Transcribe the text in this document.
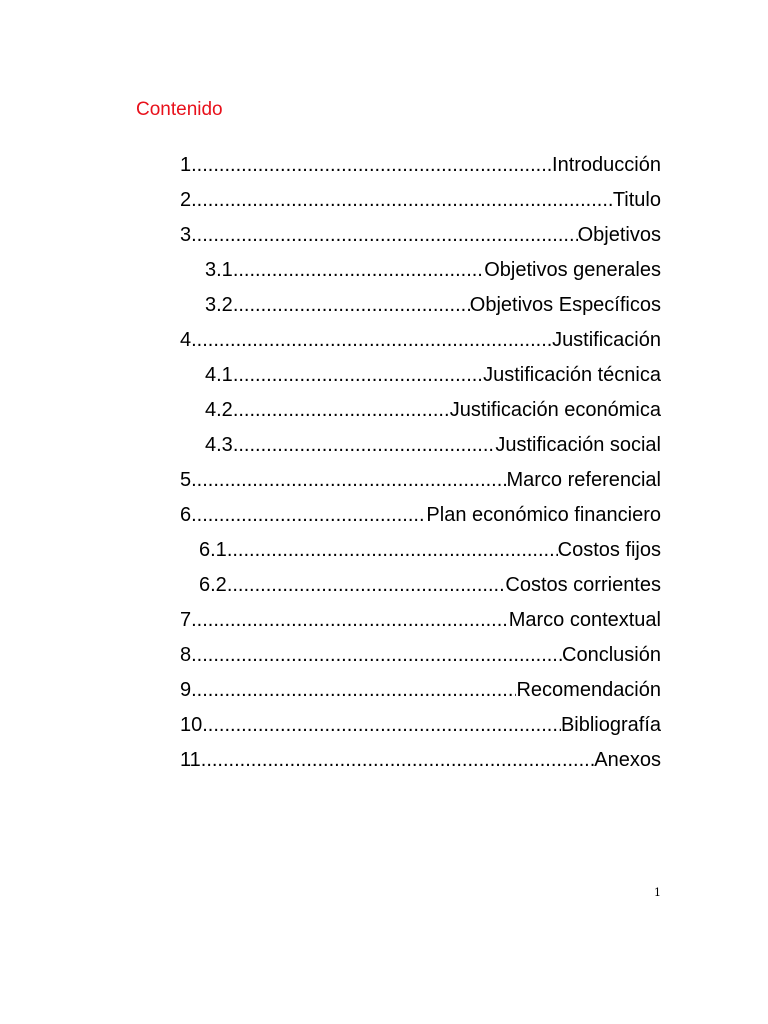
Contenido
1 .....	Introducción
2 .....	Titulo
3 .....	Objetivos
3.1 .....	Objetivos generales
3.2 .....	Objetivos Específicos
4 .....	Justificación
4.1 .....	Justificación técnica
4.2 .....	Justificación económica
4.3 .....	Justificación social
5 .....	Marco referencial
6 .....	Plan económico financiero
6.1 .....	Costos fijos
6.2 .....	Costos corrientes
7 .....	Marco contextual
8 .....	Conclusión
9 .....	Recomendación
10 .....	Bibliografía
11 .....	Anexos
1
